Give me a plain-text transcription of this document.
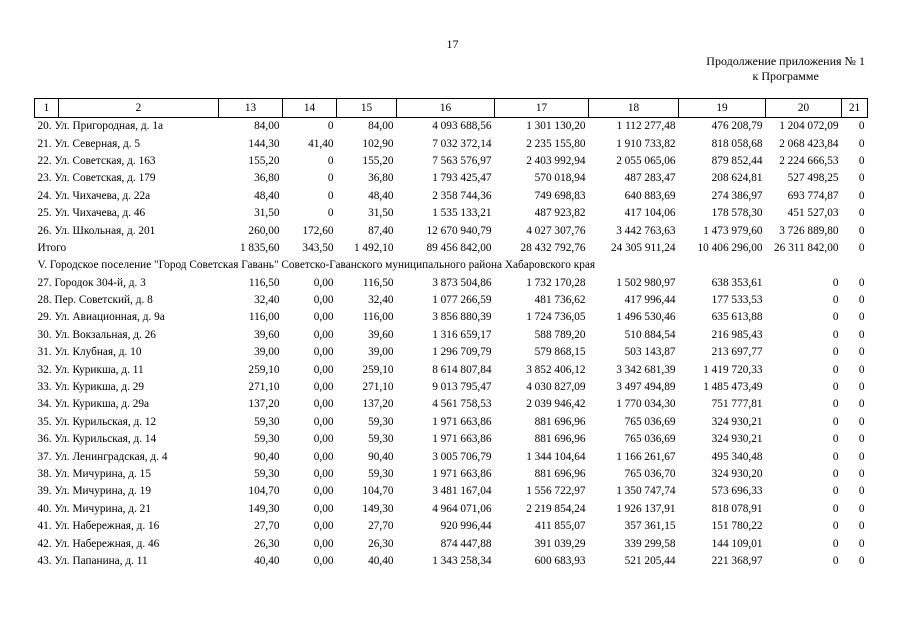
17
Продолжение приложения № 1
к Программе
1	2	13	14	15	16	17	18	19	20	21
20. Ул. Пригородная, д. 1а		84,00	0	84,00	4 093 688,56	1 301 130,20	1 112 277,48	476 208,79	1 204 072,09	0
21. Ул. Северная, д. 5		144,30	41,40	102,90	7 032 372,14	2 235 155,80	1 910 733,82	818 058,68	2 068 423,84	0
22. Ул. Советская, д. 163		155,20	0	155,20	7 563 576,97	2 403 992,94	2 055 065,06	879 852,44	2 224 666,53	0
23. Ул. Советская, д. 179		36,80	0	36,80	1 793 425,47	570 018,94	487 283,47	208 624,81	527 498,25	0
24. Ул. Чихачева, д. 22а		48,40	0	48,40	2 358 744,36	749 698,83	640 883,69	274 386,97	693 774,87	0
25. Ул. Чихачева, д. 46		31,50	0	31,50	1 535 133,21	487 923,82	417 104,06	178 578,30	451 527,03	0
26. Ул. Школьная, д. 201		260,00	172,60	87,40	12 670 940,79	4 027 307,76	3 442 763,63	1 473 979,60	3 726 889,80	0
Итого		1 835,60	343,50	1 492,10	89 456 842,00	28 432 792,76	24 305 911,24	10 406 296,00	26 311 842,00	0
V. Городское поселение "Город Советская Гавань" Советско-Гаванского муниципального района Хабаровского края										
27. Городок 304-й, д. 3		116,50	0,00	116,50	3 873 504,86	1 732 170,28	1 502 980,97	638 353,61	0	0
28. Пер. Советский, д. 8		32,40	0,00	32,40	1 077 266,59	481 736,62	417 996,44	177 533,53	0	0
29. Ул. Авиационная, д. 9а		116,00	0,00	116,00	3 856 880,39	1 724 736,05	1 496 530,46	635 613,88	0	0
30. Ул. Вокзальная, д. 26		39,60	0,00	39,60	1 316 659,17	588 789,20	510 884,54	216 985,43	0	0
31. Ул. Клубная, д. 10		39,00	0,00	39,00	1 296 709,79	579 868,15	503 143,87	213 697,77	0	0
32. Ул. Курикша, д. 11		259,10	0,00	259,10	8 614 807,84	3 852 406,12	3 342 681,39	1 419 720,33	0	0
33. Ул. Курикша, д. 29		271,10	0,00	271,10	9 013 795,47	4 030 827,09	3 497 494,89	1 485 473,49	0	0
34. Ул. Курикша, д. 29а		137,20	0,00	137,20	4 561 758,53	2 039 946,42	1 770 034,30	751 777,81	0	0
35. Ул. Курильская, д. 12		59,30	0,00	59,30	1 971 663,86	881 696,96	765 036,69	324 930,21	0	0
36. Ул. Курильская, д. 14		59,30	0,00	59,30	1 971 663,86	881 696,96	765 036,69	324 930,21	0	0
37. Ул. Ленинградская, д. 4		90,40	0,00	90,40	3 005 706,79	1 344 104,64	1 166 261,67	495 340,48	0	0
38. Ул. Мичурина, д. 15		59,30	0,00	59,30	1 971 663,86	881 696,96	765 036,70	324 930,20	0	0
39. Ул. Мичурина, д. 19		104,70	0,00	104,70	3 481 167,04	1 556 722,97	1 350 747,74	573 696,33	0	0
40. Ул. Мичурина, д. 21		149,30	0,00	149,30	4 964 071,06	2 219 854,24	1 926 137,91	818 078,91	0	0
41. Ул. Набережная, д. 16		27,70	0,00	27,70	920 996,44	411 855,07	357 361,15	151 780,22	0	0
42. Ул. Набережная, д. 46		26,30	0,00	26,30	874 447,88	391 039,29	339 299,58	144 109,01	0	0
43. Ул. Папанина, д. 11		40,40	0,00	40,40	1 343 258,34	600 683,93	521 205,44	221 368,97	0	0
